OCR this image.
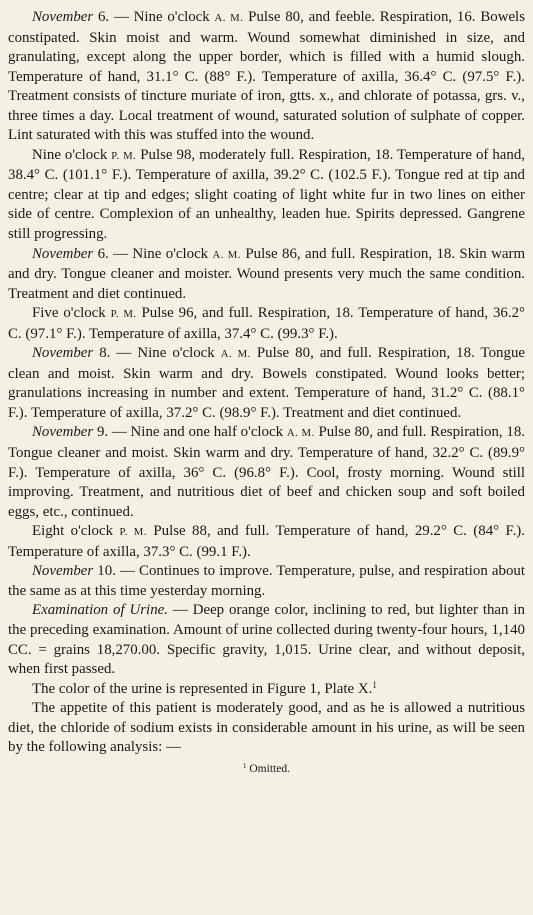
November 6. — Nine o'clock A. M. Pulse 80, and feeble. Respiration, 16. Bowels constipated. Skin moist and warm. Wound somewhat diminished in size, and granulating, except along the upper border, which is filled with a humid slough. Temperature of hand, 31.1° C. (88° F.). Temperature of axilla, 36.4° C. (97.5° F.). Treatment consists of tincture muriate of iron, gtts. x., and chlorate of potassa, grs. v., three times a day. Local treatment of wound, saturated solution of sulphate of copper. Lint saturated with this was stuffed into the wound.

Nine o'clock P. M. Pulse 98, moderately full. Respiration, 18. Temperature of hand, 38.4° C. (101.1° F.). Temperature of axilla, 39.2° C. (102.5 F.). Tongue red at tip and centre; clear at tip and edges; slight coating of light white fur in two lines on either side of centre. Complexion of an unhealthy, leaden hue. Spirits depressed. Gangrene still progressing.

November 6. — Nine o'clock A. M. Pulse 86, and full. Respiration, 18. Skin warm and dry. Tongue cleaner and moister. Wound presents very much the same condition. Treatment and diet continued.

Five o'clock P. M. Pulse 96, and full. Respiration, 18. Temperature of hand, 36.2° C. (97.1° F.). Temperature of axilla, 37.4° C. (99.3° F.).

November 8. — Nine o'clock A. M. Pulse 80, and full. Respiration, 18. Tongue clean and moist. Skin warm and dry. Bowels constipated. Wound looks better; granulations increasing in number and extent. Temperature of hand, 31.2° C. (88.1° F.). Temperature of axilla, 37.2° C. (98.9° F.). Treatment and diet continued.

November 9. — Nine and one half o'clock A. M. Pulse 80, and full. Respiration, 18. Tongue cleaner and moist. Skin warm and dry. Temperature of hand, 32.2° C. (89.9° F.). Temperature of axilla, 36° C. (96.8° F.). Cool, frosty morning. Wound still improving. Treatment, and nutritious diet of beef and chicken soup and soft boiled eggs, etc., continued.

Eight o'clock P. M. Pulse 88, and full. Temperature of hand, 29.2° C. (84° F.). Temperature of axilla, 37.3° C. (99.1 F.).

November 10. — Continues to improve. Temperature, pulse, and respiration about the same as at this time yesterday morning.

Examination of Urine. — Deep orange color, inclining to red, but lighter than in the preceding examination. Amount of urine collected during twenty-four hours, 1,140 CC. = grains 18,270.00. Specific gravity, 1,015. Urine clear, and without deposit, when first passed.

The color of the urine is represented in Figure 1, Plate X.$^1$

The appetite of this patient is moderately good, and as he is allowed a nutritious diet, the chloride of sodium exists in considerable amount in his urine, as will be seen by the following analysis: —

$^1$ Omitted.
